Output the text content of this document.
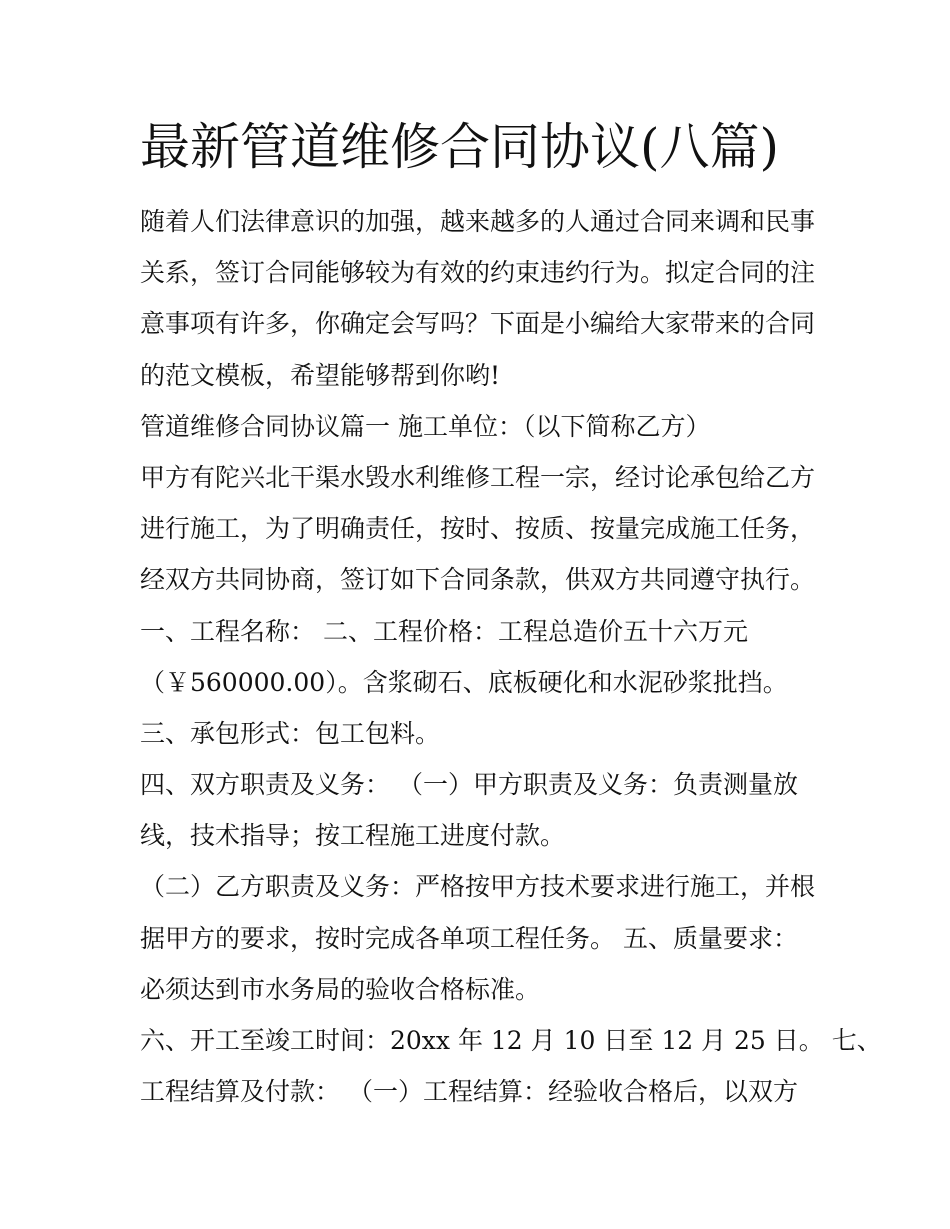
最新管道维修合同协议(八篇)
随着人们法律意识的加强，越来越多的人通过合同来调和民事
关系，签订合同能够较为有效的约束违约行为。拟定合同的注
意事项有许多，你确定会写吗？下面是小编给大家带来的合同
的范文模板，希望能够帮到你哟!
管道维修合同协议篇一 施工单位：（以下简称乙方）
甲方有陀兴北干渠水毁水利维修工程一宗，经讨论承包给乙方
进行施工，为了明确责任，按时、按质、按量完成施工任务，
经双方共同协商，签订如下合同条款，供双方共同遵守执行。
一、工程名称： 二、工程价格：工程总造价五十六万元
（￥560000.00）。含浆砌石、底板硬化和水泥砂浆批挡。
三、承包形式：包工包料。
四、双方职责及义务： （一）甲方职责及义务：负责测量放
线，技术指导；按工程施工进度付款。
（二）乙方职责及义务：严格按甲方技术要求进行施工，并根
据甲方的要求，按时完成各单项工程任务。 五、质量要求：
必须达到市水务局的验收合格标准。
六、开工至竣工时间：20xx 年 12 月 10 日至 12 月 25 日。 七、
工程结算及付款： （一）工程结算：经验收合格后，以双方
